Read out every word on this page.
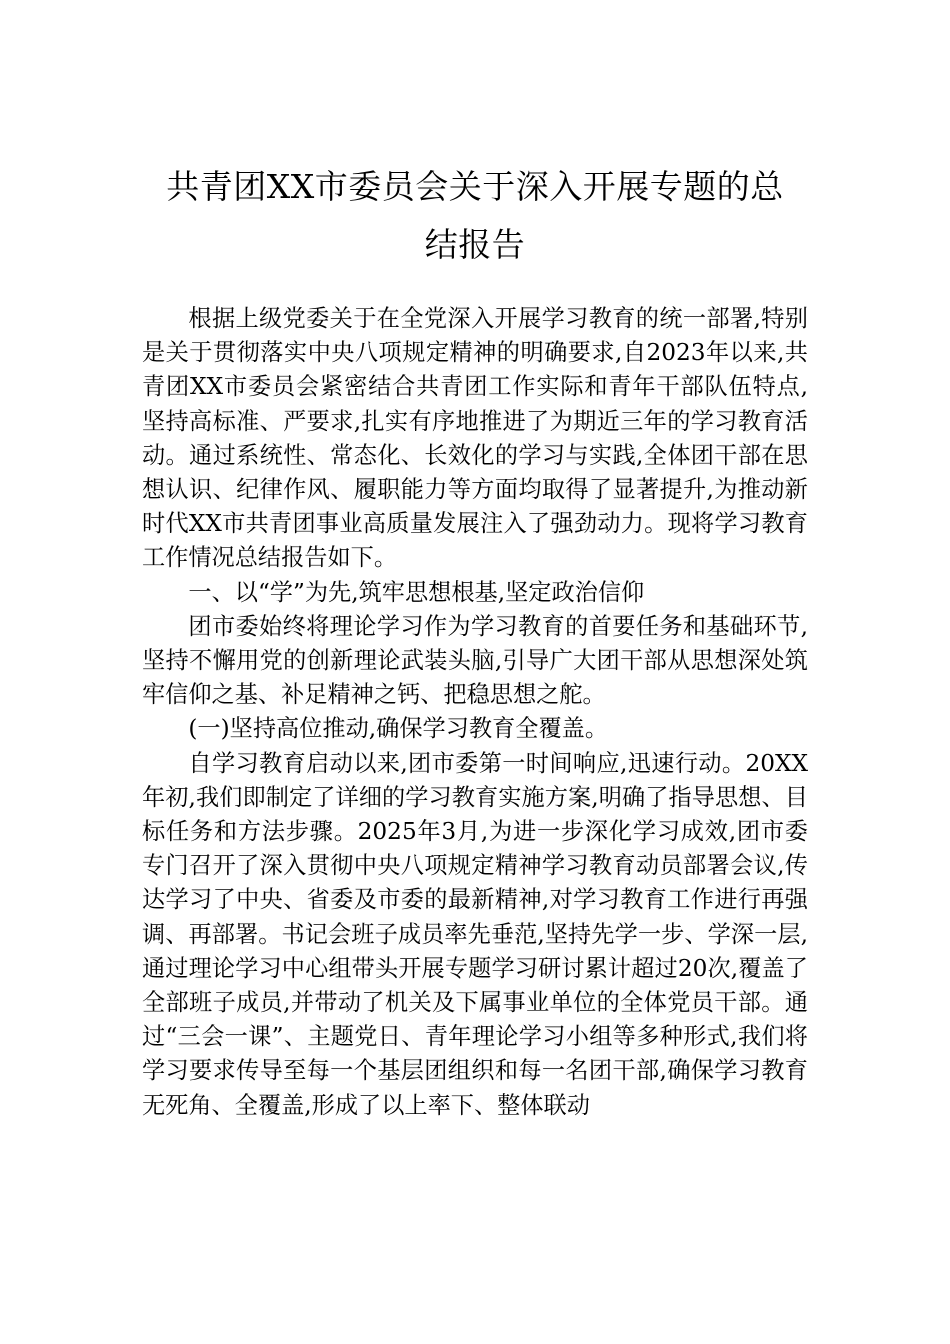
共青团XX市委员会关于深入开展专题的总
结报告

根据上级党委关于在全党深入开展学习教育的统一部署,特别是关于贯彻落实中央八项规定精神的明确要求,自2023年以来,共青团XX市委员会紧密结合共青团工作实际和青年干部队伍特点,坚持高标准、严要求,扎实有序地推进了为期近三年的学习教育活动。通过系统性、常态化、长效化的学习与实践,全体团干部在思想认识、纪律作风、履职能力等方面均取得了显著提升,为推动新时代XX市共青团事业高质量发展注入了强劲动力。现将学习教育工作情况总结报告如下。

一、以“学”为先,筑牢思想根基,坚定政治信仰

团市委始终将理论学习作为学习教育的首要任务和基础环节,坚持不懈用党的创新理论武装头脑,引导广大团干部从思想深处筑牢信仰之基、补足精神之钙、把稳思想之舵。

(一)坚持高位推动,确保学习教育全覆盖。

自学习教育启动以来,团市委第一时间响应,迅速行动。20XX年初,我们即制定了详细的学习教育实施方案,明确了指导思想、目标任务和方法步骤。2025年3月,为进一步深化学习成效,团市委专门召开了深入贯彻中央八项规定精神学习教育动员部署会议,传达学习了中央、省委及市委的最新精神,对学习教育工作进行再强调、再部署。书记会班子成员率先垂范,坚持先学一步、学深一层,通过理论学习中心组带头开展专题学习研讨累计超过20次,覆盖了全部班子成员,并带动了机关及下属事业单位的全体党员干部。通过“三会一课”、主题党日、青年理论学习小组等多种形式,我们将学习要求传导至每一个基层团组织和每一名团干部,确保学习教育无死角、全覆盖,形成了以上率下、整体联动
